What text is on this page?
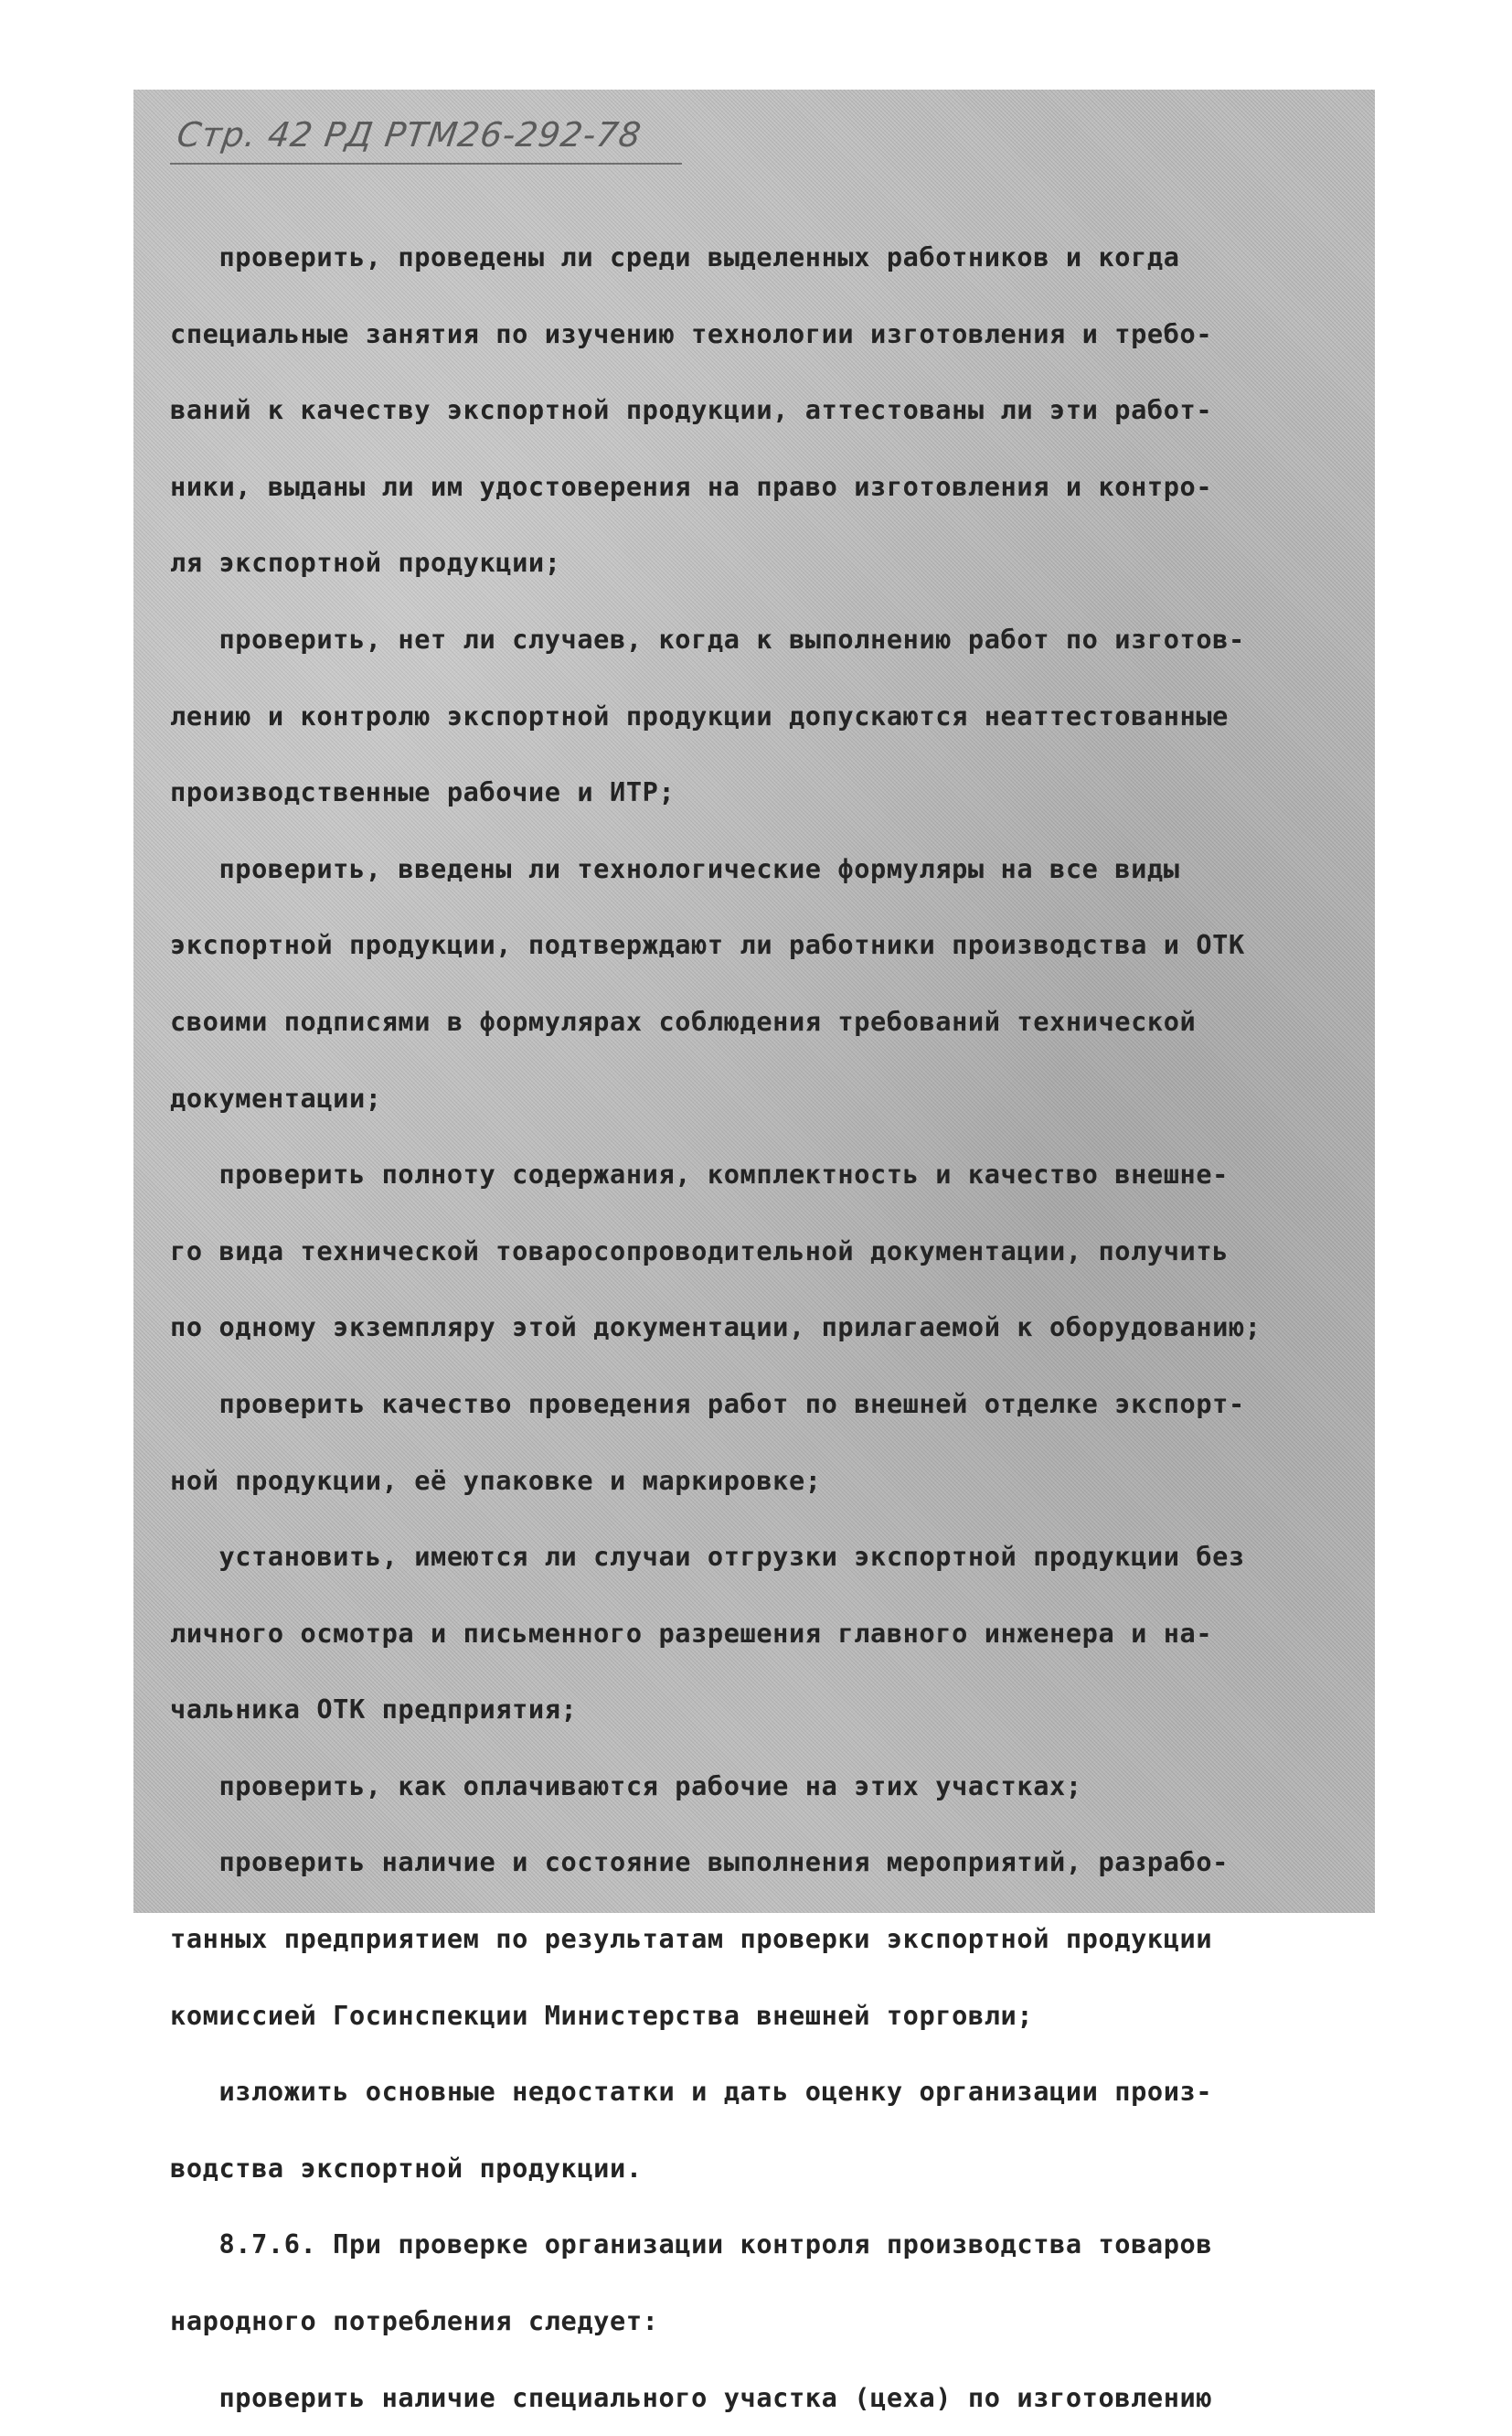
Стр. 42 РД РТМ26-292-78
проверить, проведены ли среди выделенных работников и когда
специальные занятия по изучению технологии изготовления и требо-
ваний к качеству экспортной продукции, аттестованы ли эти работ-
ники, выданы ли им удостоверения на право изготовления и контро-
ля экспортной продукции;
проверить, нет ли случаев, когда к выполнению работ по изготов-
лению и контролю экспортной продукции допускаются неаттестованные
производственные рабочие и ИТР;
проверить, введены ли технологические формуляры на все виды
экспортной продукции, подтверждают ли работники производства и ОТК
своими подписями в формулярах соблюдения требований технической
документации;
проверить полноту содержания, комплектность и качество внешне-
го вида технической товаросопроводительной документации, получить
по одному экземпляру этой документации, прилагаемой к оборудованию;
проверить качество проведения работ по внешней отделке экспорт-
ной продукции, её упаковке и маркировке;
установить, имеются ли случаи отгрузки экспортной продукции без
личного осмотра и письменного разрешения главного инженера и на-
чальника ОТК предприятия;
проверить, как оплачиваются рабочие на этих участках;
проверить наличие и состояние выполнения мероприятий, разрабо-
танных предприятием по результатам проверки экспортной продукции
комиссией Госинспекции Министерства внешней торговли;
изложить основные недостатки и дать оценку организации произ-
водства экспортной продукции.
8.7.6. При проверке организации контроля производства товаров
народного потребления следует:
проверить наличие специального участка (цеха) по изготовлению
